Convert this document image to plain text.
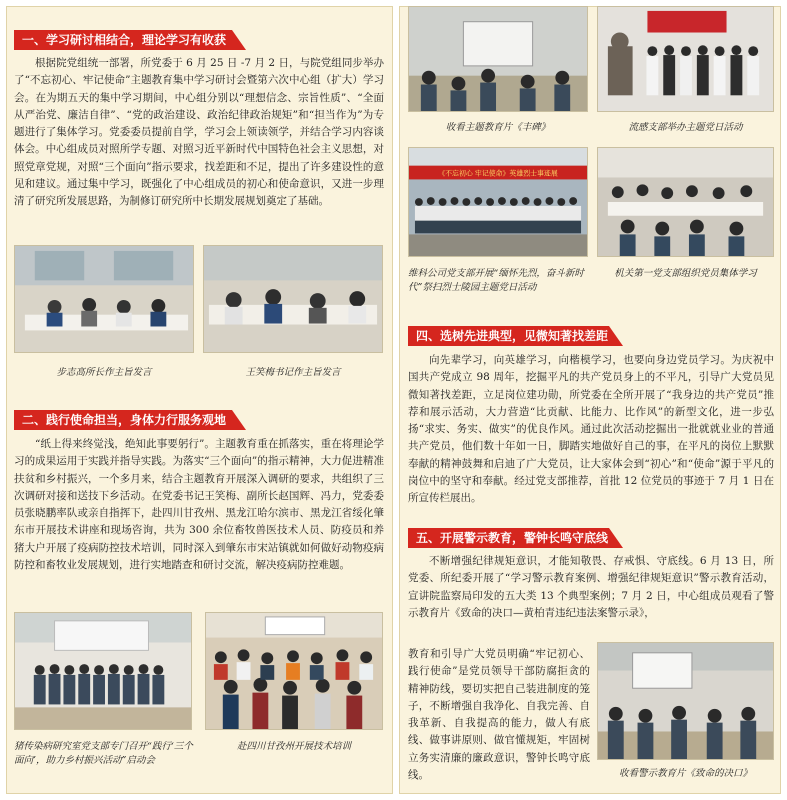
一、学习研讨相结合，理论学习有收获
根据院党组统一部署，所党委于 6 月 25 日 -7 月 2 日，与院党组同步举办了“不忘初心、牢记使命”主题教育集中学习研讨会暨第六次中心组（扩大）学习会。在为期五天的集中学习期间，中心组分别以“理想信念、宗旨性质”、“全面从严治党、廉洁自律”、“党的政治建设、政治纪律政治规矩”和“担当作为”为专题进行了集体学习。党委委员提前自学，学习会上领读领学，并结合学习内容谈体会。中心组成员对照所学专题、对照习近平新时代中国特色社会主义思想，对照党章党规，对照“三个面向”指示要求，找差距和不足，提出了许多建设性的意见和建议。通过集中学习，既强化了中心组成员的初心和使命意识，又进一步理清了研究所发展思路，为制修订研究所中长期发展规划奠定了基础。
步志高所长作主旨发言	王笑梅书记作主旨发言
二、践行使命担当，身体力行服务观地
“纸上得来终觉浅，绝知此事要躬行”。主题教育重在抓落实，重在将理论学习的成果运用于实践并指导实践。为落实“三个面向”的指示精神，大力促进精准扶贫和乡村振兴，一个多月来，结合主题教育开展深入调研的要求，共组织了三次调研对接和送技下乡活动。在党委书记王笑梅、副所长赵国辉、冯力，党委委员张晓鹏率队或亲自指挥下，赴四川甘孜州、黑龙江哈尔滨市、黑龙江省绥化肇东市开展技术讲座和现场咨询，共为 300 余位畜牧兽医技术人员、防疫员和养猪大户开展了疫病防控技术培训，同时深入到肇东市宋站镇就如何做好动物疫病防控和畜牧业发展规划，进行实地踏查和研讨交流，解决疫病防控难题。
猪传染病研究室党支部专门召开“践行‘三个面向’，助力乡村振兴活动”启动会
赴四川甘孜州开展技术培训
收看主题教育片《丰碑》	流感支部举办主题党日活动
《不忘初心 牢记使命》英雄烈士事迹展
维科公司党支部开展“缅怀先烈，奋斗新时代”祭扫烈士陵园主题党日活动
机关第一党支部组织党员集体学习
四、选树先进典型，见微知著找差距
向先辈学习，向英雄学习，向楷模学习，也要向身边党员学习。为庆祝中国共产党成立 98 周年，挖掘平凡的共产党员身上的不平凡，引导广大党员见微知著找差距，立足岗位建功勋，所党委在全所开展了“我身边的共产党员”推荐和展示活动，大力营造“比贡献、比能力、比作风”的新型文化，进一步弘扬“求实、务实、做实”的优良作风。通过此次活动挖掘出一批就就业业的普通共产党员，他们数十年如一日，脚踏实地做好自己的事，在平凡的岗位上默默奉献的精神鼓舞和启迪了广大党员，让大家体会到“初心”和“使命”源于平凡的岗位中的坚守和奉献。经过党支部推荐，首批 12 位党员的事迹于 7 月 1 日在所宣传栏展出。
五、开展警示教育，警钟长鸣守底线
不断增强纪律规矩意识，才能知敬畏、存戒惧、守底线。6 月 13 日，所党委、所纪委开展了“学习警示教育案例、增强纪律规矩意识”警示教育活动，宣讲院监察局印发的五大类 13 个典型案例；7 月 2 日，中心组成员观看了警示教育片《致命的决口—黄柏青违纪违法案警示录》，
教育和引导广大党员明确“牢记初心、践行使命”是党员领导干部防腐拒贪的精神防线，要切实把自己装进制度的笼子，不断增强自我净化、自我完善、自我革新、自我提高的能力，做人有底线、做事讲原则、做官懂规矩，牢固树立务实清廉的廉政意识，警钟长鸣守底线。	收看警示教育片《致命的决口》
